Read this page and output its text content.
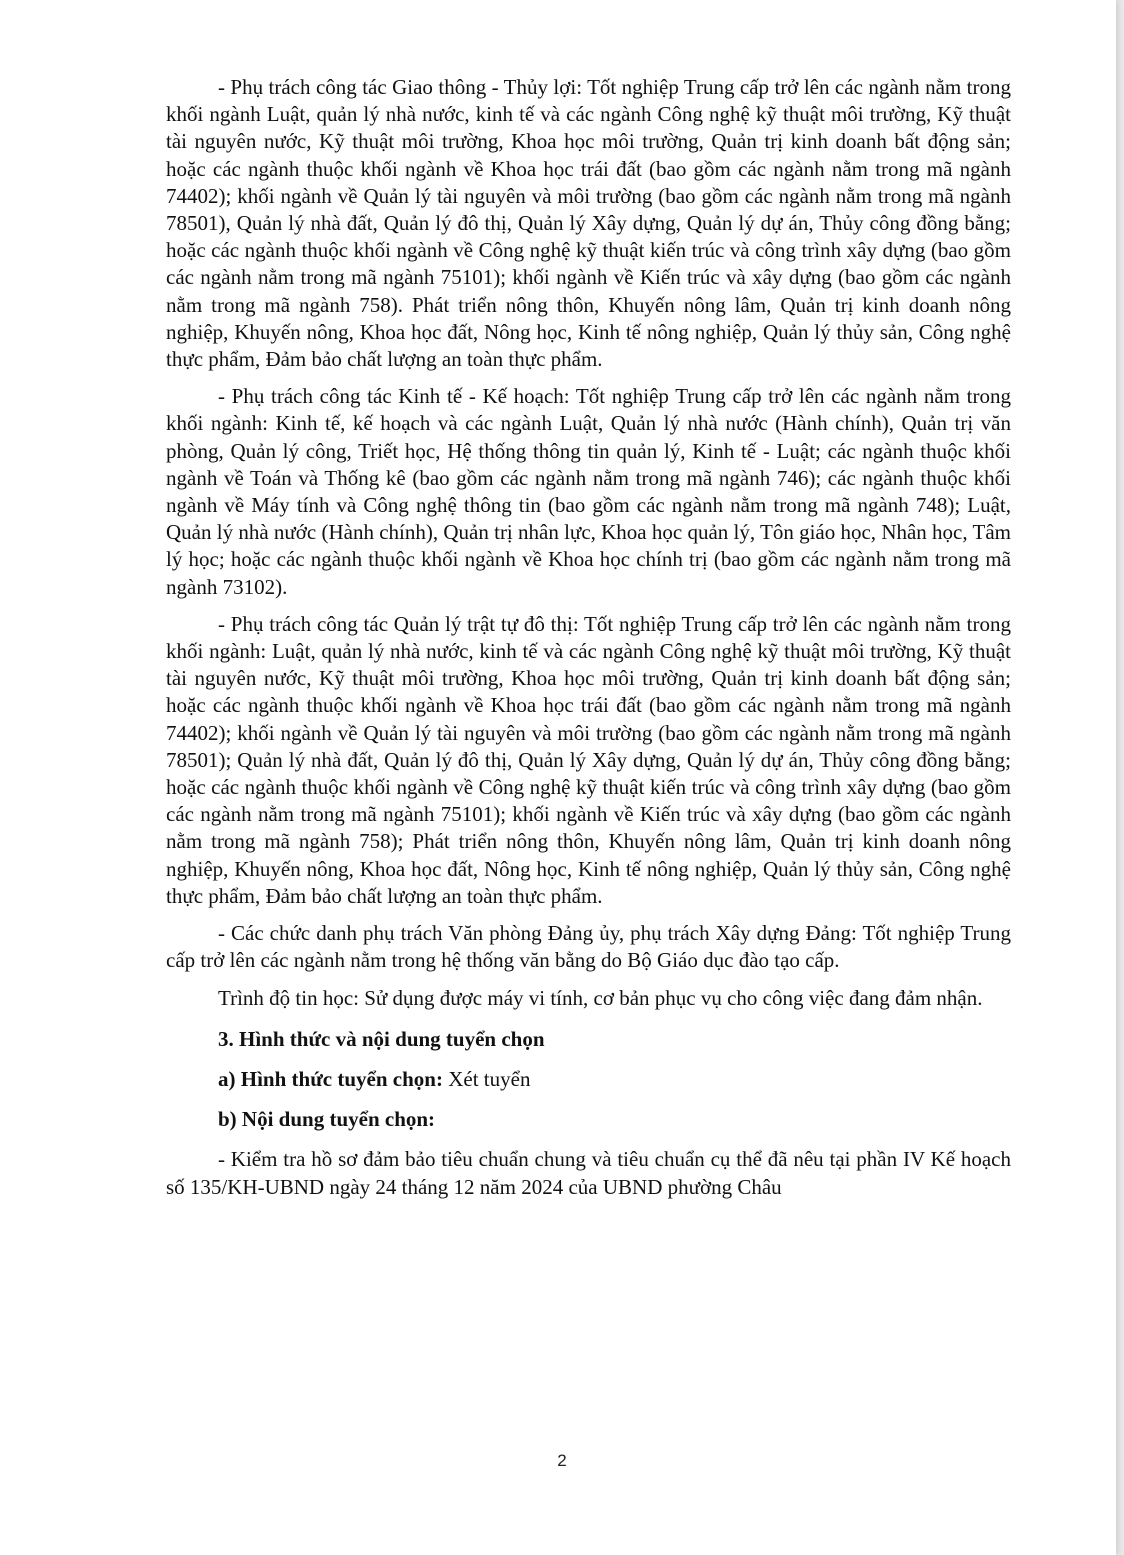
- Phụ trách công tác Giao thông - Thủy lợi: Tốt nghiệp Trung cấp trở lên các ngành nằm trong khối ngành Luật, quản lý nhà nước, kinh tế và các ngành Công nghệ kỹ thuật môi trường, Kỹ thuật tài nguyên nước, Kỹ thuật môi trường, Khoa học môi trường, Quản trị kinh doanh bất động sản; hoặc các ngành thuộc khối ngành về Khoa học trái đất (bao gồm các ngành nằm trong mã ngành 74402); khối ngành về Quản lý tài nguyên và môi trường (bao gồm các ngành nằm trong mã ngành 78501), Quản lý nhà đất, Quản lý đô thị, Quản lý Xây dựng, Quản lý dự án, Thủy công đồng bằng; hoặc các ngành thuộc khối ngành về Công nghệ kỹ thuật kiến trúc và công trình xây dựng (bao gồm các ngành nằm trong mã ngành 75101); khối ngành về Kiến trúc và xây dựng (bao gồm các ngành nằm trong mã ngành 758). Phát triển nông thôn, Khuyến nông lâm, Quản trị kinh doanh nông nghiệp, Khuyến nông, Khoa học đất, Nông học, Kinh tế nông nghiệp, Quản lý thủy sản, Công nghệ thực phẩm, Đảm bảo chất lượng an toàn thực phẩm.

- Phụ trách công tác Kinh tế - Kế hoạch: Tốt nghiệp Trung cấp trở lên các ngành nằm trong khối ngành: Kinh tế, kế hoạch và các ngành Luật, Quản lý nhà nước (Hành chính), Quản trị văn phòng, Quản lý công, Triết học, Hệ thống thông tin quản lý, Kinh tế - Luật; các ngành thuộc khối ngành về Toán và Thống kê (bao gồm các ngành nằm trong mã ngành 746); các ngành thuộc khối ngành về Máy tính và Công nghệ thông tin (bao gồm các ngành nằm trong mã ngành 748); Luật, Quản lý nhà nước (Hành chính), Quản trị nhân lực, Khoa học quản lý, Tôn giáo học, Nhân học, Tâm lý học; hoặc các ngành thuộc khối ngành về Khoa học chính trị (bao gồm các ngành nằm trong mã ngành 73102).

- Phụ trách công tác Quản lý trật tự đô thị: Tốt nghiệp Trung cấp trở lên các ngành nằm trong khối ngành: Luật, quản lý nhà nước, kinh tế và các ngành Công nghệ kỹ thuật môi trường, Kỹ thuật tài nguyên nước, Kỹ thuật môi trường, Khoa học môi trường, Quản trị kinh doanh bất động sản; hoặc các ngành thuộc khối ngành về Khoa học trái đất (bao gồm các ngành nằm trong mã ngành 74402); khối ngành về Quản lý tài nguyên và môi trường (bao gồm các ngành nằm trong mã ngành 78501); Quản lý nhà đất, Quản lý đô thị, Quản lý Xây dựng, Quản lý dự án, Thủy công đồng bằng; hoặc các ngành thuộc khối ngành về Công nghệ kỹ thuật kiến trúc và công trình xây dựng (bao gồm các ngành nằm trong mã ngành 75101); khối ngành về Kiến trúc và xây dựng (bao gồm các ngành nằm trong mã ngành 758); Phát triển nông thôn, Khuyến nông lâm, Quản trị kinh doanh nông nghiệp, Khuyến nông, Khoa học đất, Nông học, Kinh tế nông nghiệp, Quản lý thủy sản, Công nghệ thực phẩm, Đảm bảo chất lượng an toàn thực phẩm.

- Các chức danh phụ trách Văn phòng Đảng ủy, phụ trách Xây dựng Đảng: Tốt nghiệp Trung cấp trở lên các ngành nằm trong hệ thống văn bằng do Bộ Giáo dục đào tạo cấp.

Trình độ tin học: Sử dụng được máy vi tính, cơ bản phục vụ cho công việc đang đảm nhận.

3. Hình thức và nội dung tuyển chọn

a) Hình thức tuyển chọn: Xét tuyển

b) Nội dung tuyển chọn:

- Kiểm tra hồ sơ đảm bảo tiêu chuẩn chung và tiêu chuẩn cụ thể đã nêu tại phần IV Kế hoạch số 135/KH-UBND ngày 24 tháng 12 năm 2024 của UBND phường Châu

2
